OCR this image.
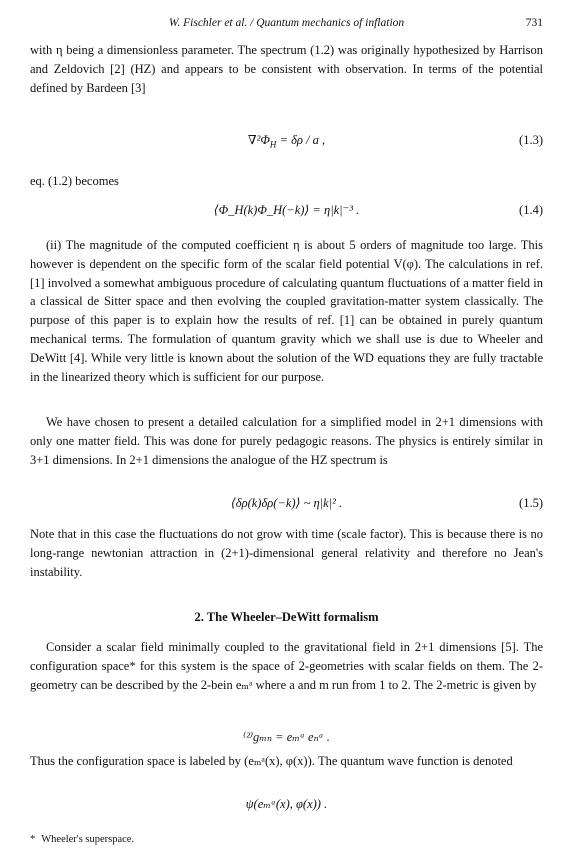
W. Fischler et al. / Quantum mechanics of inflation	731

with η being a dimensionless parameter. The spectrum (1.2) was originally hypothesized by Harrison and Zeldovich [2] (HZ) and appears to be consistent with observation. In terms of the potential defined by Bardeen [3]

$\nabla^2\Phi_H = \delta\rho / a$ ,	(1.3)

eq. (1.2) becomes

⟨Φ_H(k)Φ_H(−k)⟩ = η|k|⁻³ .	(1.4)

(ii) The magnitude of the computed coefficient η is about 5 orders of magnitude too large. This however is dependent on the specific form of the scalar field potential V(φ). The calculations in ref. [1] involved a somewhat ambiguous procedure of calculating quantum fluctuations of a matter field in a classical de Sitter space and then evolving the coupled gravitation-matter system classically. The purpose of this paper is to explain how the results of ref. [1] can be obtained in purely quantum mechanical terms. The formulation of quantum gravity which we shall use is due to Wheeler and DeWitt [4]. While very little is known about the solution of the WD equations they are fully tractable in the linearized theory which is sufficient for our purpose.

We have chosen to present a detailed calculation for a simplified model in 2+1 dimensions with only one matter field. This was done for purely pedagogic reasons. The physics is entirely similar in 3+1 dimensions. In 2+1 dimensions the analogue of the HZ spectrum is

⟨δρ(k)δρ(−k)⟩ ~ η|k|² .	(1.5)

Note that in this case the fluctuations do not grow with time (scale factor). This is because there is no long-range newtonian attraction in (2+1)-dimensional general relativity and therefore no Jean's instability.

2. The Wheeler–DeWitt formalism

Consider a scalar field minimally coupled to the gravitational field in 2+1 dimensions [5]. The configuration space* for this system is the space of 2-geometries with scalar fields on them. The 2-geometry can be described by the 2-bein eₘᵃ where a and m run from 1 to 2. The 2-metric is given by

⁽²⁾gₘₙ = eₘᵃ eₙᵃ .

Thus the configuration space is labeled by (eₘᵃ(x), φ(x)). The quantum wave function is denoted

ψ(eₘᵃ(x), φ(x)) .
* Wheeler's superspace.
